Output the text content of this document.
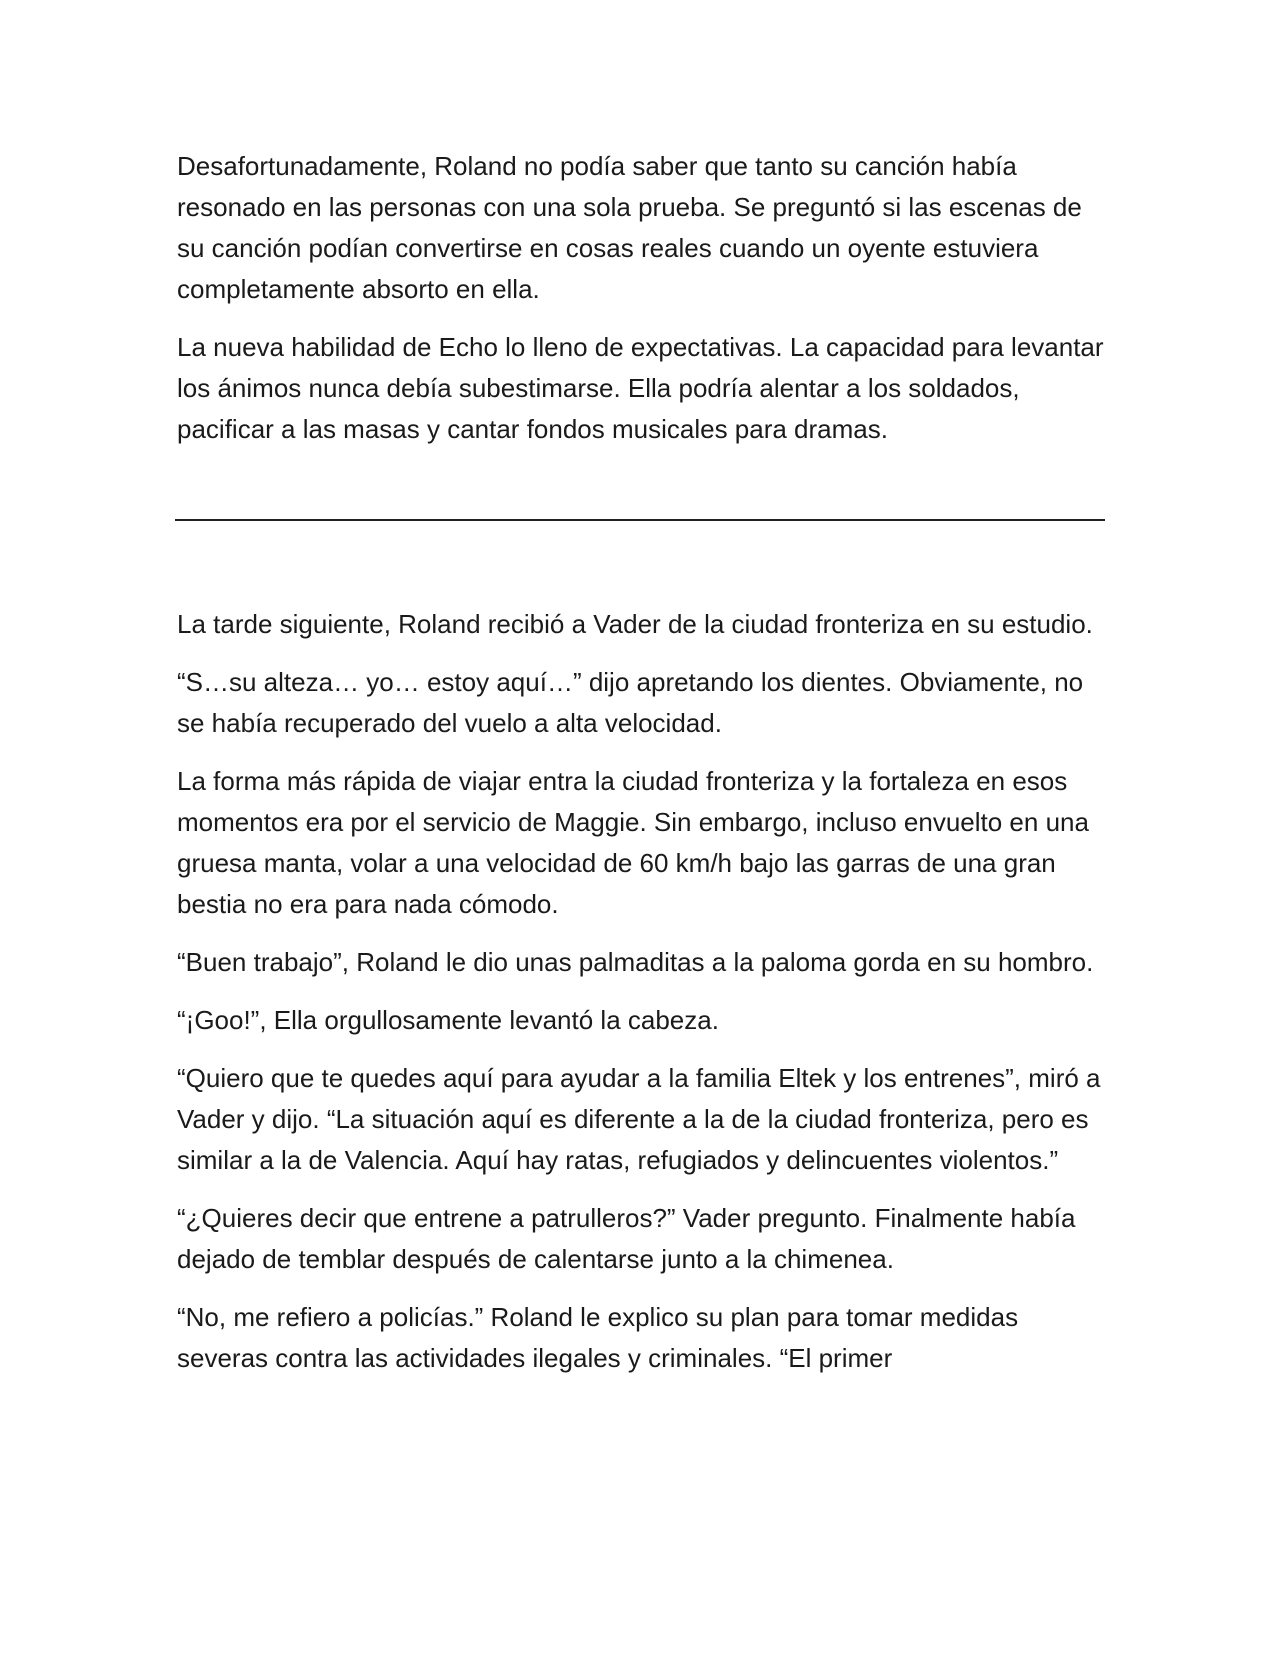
Desafortunadamente, Roland no podía saber que tanto su canción había resonado en las personas con una sola prueba. Se preguntó si las escenas de su canción podían convertirse en cosas reales cuando un oyente estuviera completamente absorto en ella.

La nueva habilidad de Echo lo lleno de expectativas. La capacidad para levantar los ánimos nunca debía subestimarse. Ella podría alentar a los soldados, pacificar a las masas y cantar fondos musicales para dramas.

La tarde siguiente, Roland recibió a Vader de la ciudad fronteriza en su estudio.

“S…su alteza… yo… estoy aquí…” dijo apretando los dientes. Obviamente, no se había recuperado del vuelo a alta velocidad.

La forma más rápida de viajar entra la ciudad fronteriza y la fortaleza en esos momentos era por el servicio de Maggie. Sin embargo, incluso envuelto en una gruesa manta, volar a una velocidad de 60 km/h bajo las garras de una gran bestia no era para nada cómodo.

“Buen trabajo”, Roland le dio unas palmaditas a la paloma gorda en su hombro.

“¡Goo!”, Ella orgullosamente levantó la cabeza.

“Quiero que te quedes aquí para ayudar a la familia Eltek y los entrenes”, miró a Vader y dijo. “La situación aquí es diferente a la de la ciudad fronteriza, pero es similar a la de Valencia. Aquí hay ratas, refugiados y delincuentes violentos.”

“¿Quieres decir que entrene a patrulleros?” Vader pregunto. Finalmente había dejado de temblar después de calentarse junto a la chimenea.

“No, me refiero a policías.” Roland le explico su plan para tomar medidas severas contra las actividades ilegales y criminales. “El primer
